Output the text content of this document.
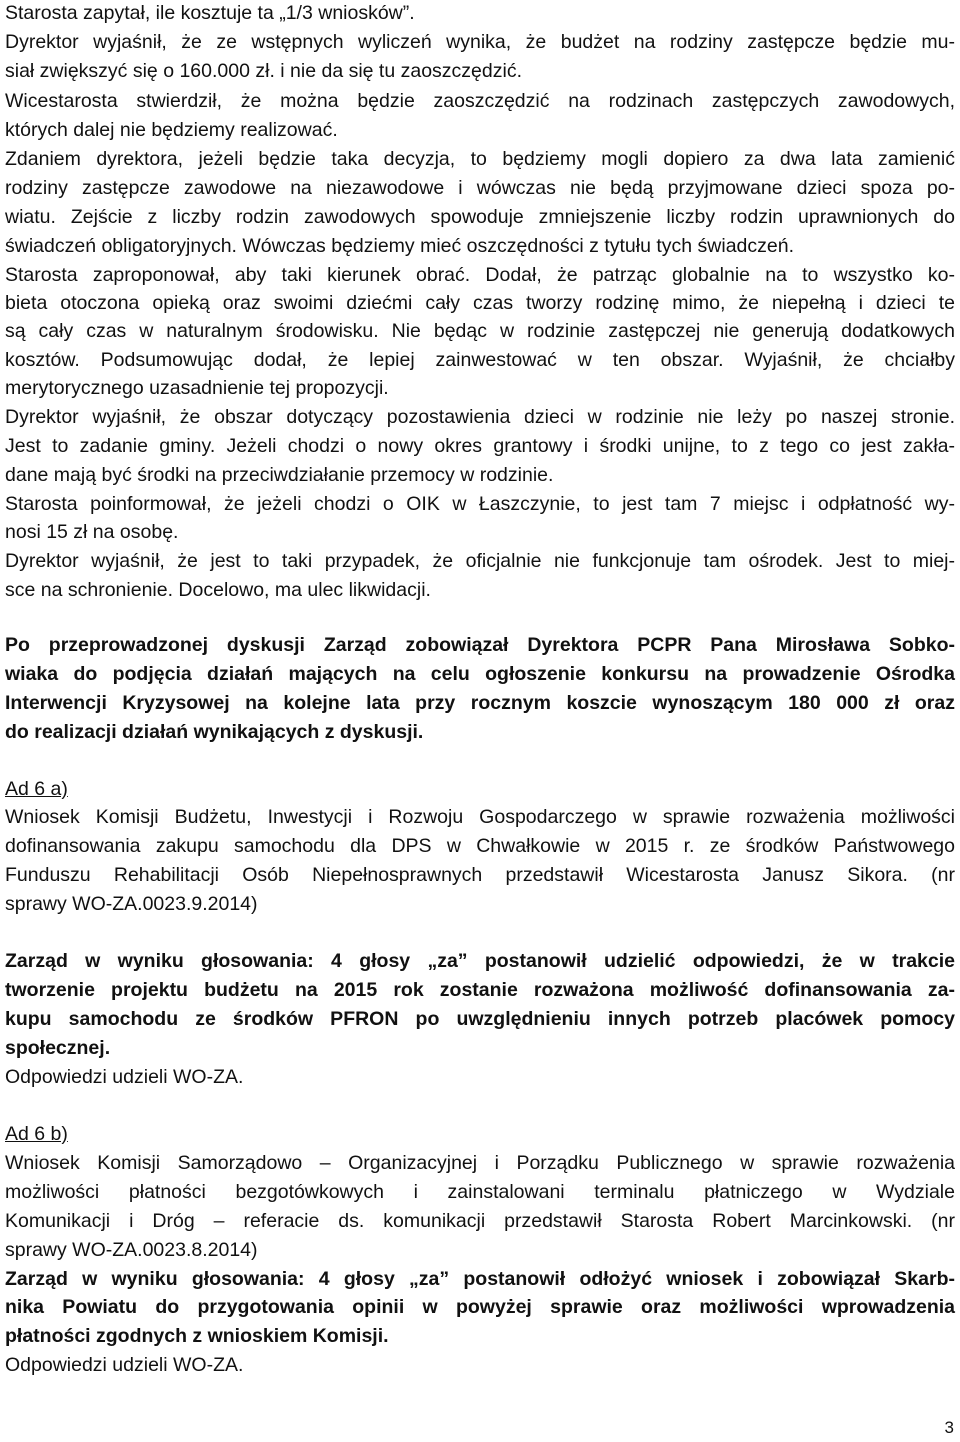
Starosta zapytał, ile kosztuje ta „1/3 wniosków”.

Dyrektor wyjaśnił, że ze wstępnych wyliczeń wynika, że budżet na rodziny zastępcze będzie mu-

siał zwiększyć się o 160.000 zł. i nie da się tu zaoszczędzić.

Wicestarosta stwierdził, że można będzie zaoszczędzić na rodzinach zastępczych zawodowych,

których dalej nie będziemy realizować.

Zdaniem dyrektora, jeżeli będzie taka decyzja, to będziemy mogli dopiero za dwa lata zamienić

rodziny zastępcze zawodowe na niezawodowe i wówczas nie będą przyjmowane dzieci spoza po-

wiatu. Zejście z liczby rodzin zawodowych spowoduje zmniejszenie liczby rodzin uprawnionych do

świadczeń obligatoryjnych. Wówczas będziemy mieć oszczędności z tytułu tych świadczeń.

Starosta zaproponował, aby taki kierunek obrać. Dodał, że patrząc globalnie na to wszystko ko-

bieta otoczona opieką oraz swoimi dziećmi cały czas tworzy rodzinę mimo, że niepełną i dzieci te

są cały czas w naturalnym środowisku. Nie będąc w rodzinie zastępczej nie generują dodatkowych

kosztów. Podsumowując dodał, że lepiej zainwestować w ten obszar. Wyjaśnił, że chciałby

merytorycznego uzasadnienie tej propozycji.

Dyrektor wyjaśnił, że obszar dotyczący pozostawienia dzieci w rodzinie nie leży po naszej stronie.

Jest to zadanie gminy. Jeżeli chodzi o nowy okres grantowy i środki unijne, to z tego co jest zakła-

dane mają być środki na przeciwdziałanie przemocy w rodzinie.

Starosta poinformował, że jeżeli chodzi o OIK w Łaszczynie, to jest tam 7 miejsc i odpłatność wy-

nosi 15 zł na osobę.

Dyrektor wyjaśnił, że jest to taki przypadek, że oficjalnie nie funkcjonuje tam ośrodek. Jest to miej-

sce na schronienie. Docelowo, ma ulec likwidacji.

Po przeprowadzonej dyskusji Zarząd zobowiązał Dyrektora PCPR Pana Mirosława Sobko-

wiaka do podjęcia działań mających na celu ogłoszenie konkursu na prowadzenie Ośrodka

Interwencji Kryzysowej na kolejne lata przy rocznym koszcie wynoszącym 180 000 zł oraz

do realizacji działań wynikających z dyskusji.

Ad 6 a)

Wniosek Komisji Budżetu, Inwestycji i Rozwoju Gospodarczego w sprawie rozważenia możliwości

dofinansowania zakupu samochodu dla DPS w Chwałkowie w 2015 r. ze środków Państwowego

Funduszu Rehabilitacji Osób Niepełnosprawnych przedstawił Wicestarosta Janusz Sikora. (nr

sprawy WO-ZA.0023.9.2014)

Zarząd w wyniku głosowania: 4 głosy „za” postanowił udzielić odpowiedzi, że w trakcie

tworzenie projektu budżetu na 2015 rok zostanie rozważona możliwość dofinansowania za-

kupu samochodu ze środków PFRON po uwzględnieniu innych potrzeb placówek pomocy

społecznej.

Odpowiedzi udzieli WO-ZA.

Ad 6 b)

Wniosek Komisji Samorządowo – Organizacyjnej i Porządku Publicznego w sprawie rozważenia

możliwości płatności bezgotówkowych i zainstalowani terminalu płatniczego w Wydziale

Komunikacji i Dróg – referacie ds. komunikacji przedstawił Starosta Robert Marcinkowski. (nr

sprawy WO-ZA.0023.8.2014)

Zarząd w wyniku głosowania: 4 głosy „za” postanowił odłożyć wniosek i zobowiązał Skarb-

nika Powiatu do przygotowania opinii w powyżej sprawie oraz możliwości wprowadzenia

płatności zgodnych z wnioskiem Komisji.

Odpowiedzi udzieli WO-ZA.

3
